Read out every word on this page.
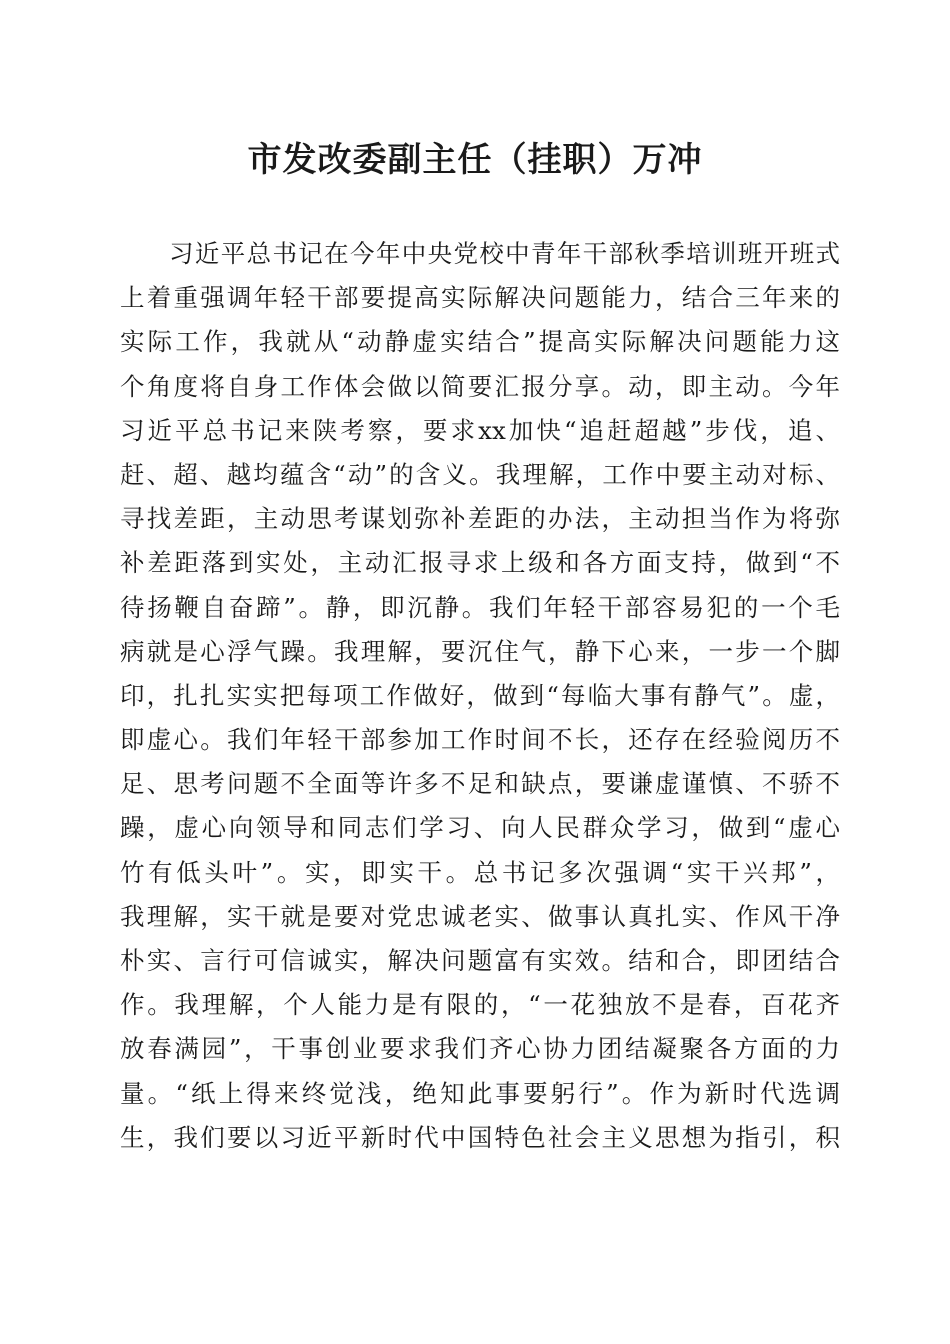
市发改委副主任（挂职）万冲
习近平总书记在今年中央党校中青年干部秋季培训班开班式
上着重强调年轻干部要提高实际解决问题能力，结合三年来的
实际工作，我就从“动静虚实结合”提高实际解决问题能力这
个角度将自身工作体会做以简要汇报分享。动，即主动。今年
习近平总书记来陕考察，要求xx加快“追赶超越”步伐，追、
赶、超、越均蕴含“动”的含义。我理解，工作中要主动对标、
寻找差距，主动思考谋划弥补差距的办法，主动担当作为将弥
补差距落到实处，主动汇报寻求上级和各方面支持，做到“不
待扬鞭自奋蹄”。静，即沉静。我们年轻干部容易犯的一个毛
病就是心浮气躁。我理解，要沉住气，静下心来，一步一个脚
印，扎扎实实把每项工作做好，做到“每临大事有静气”。虚，
即虚心。我们年轻干部参加工作时间不长，还存在经验阅历不
足、思考问题不全面等许多不足和缺点，要谦虚谨慎、不骄不
躁，虚心向领导和同志们学习、向人民群众学习，做到“虚心
竹有低头叶”。实，即实干。总书记多次强调“实干兴邦”，
我理解，实干就是要对党忠诚老实、做事认真扎实、作风干净
朴实、言行可信诚实，解决问题富有实效。结和合，即团结合
作。我理解，个人能力是有限的，“一花独放不是春，百花齐
放春满园”，干事创业要求我们齐心协力团结凝聚各方面的力
量。“纸上得来终觉浅，绝知此事要躬行”。作为新时代选调
生，我们要以习近平新时代中国特色社会主义思想为指引，积
